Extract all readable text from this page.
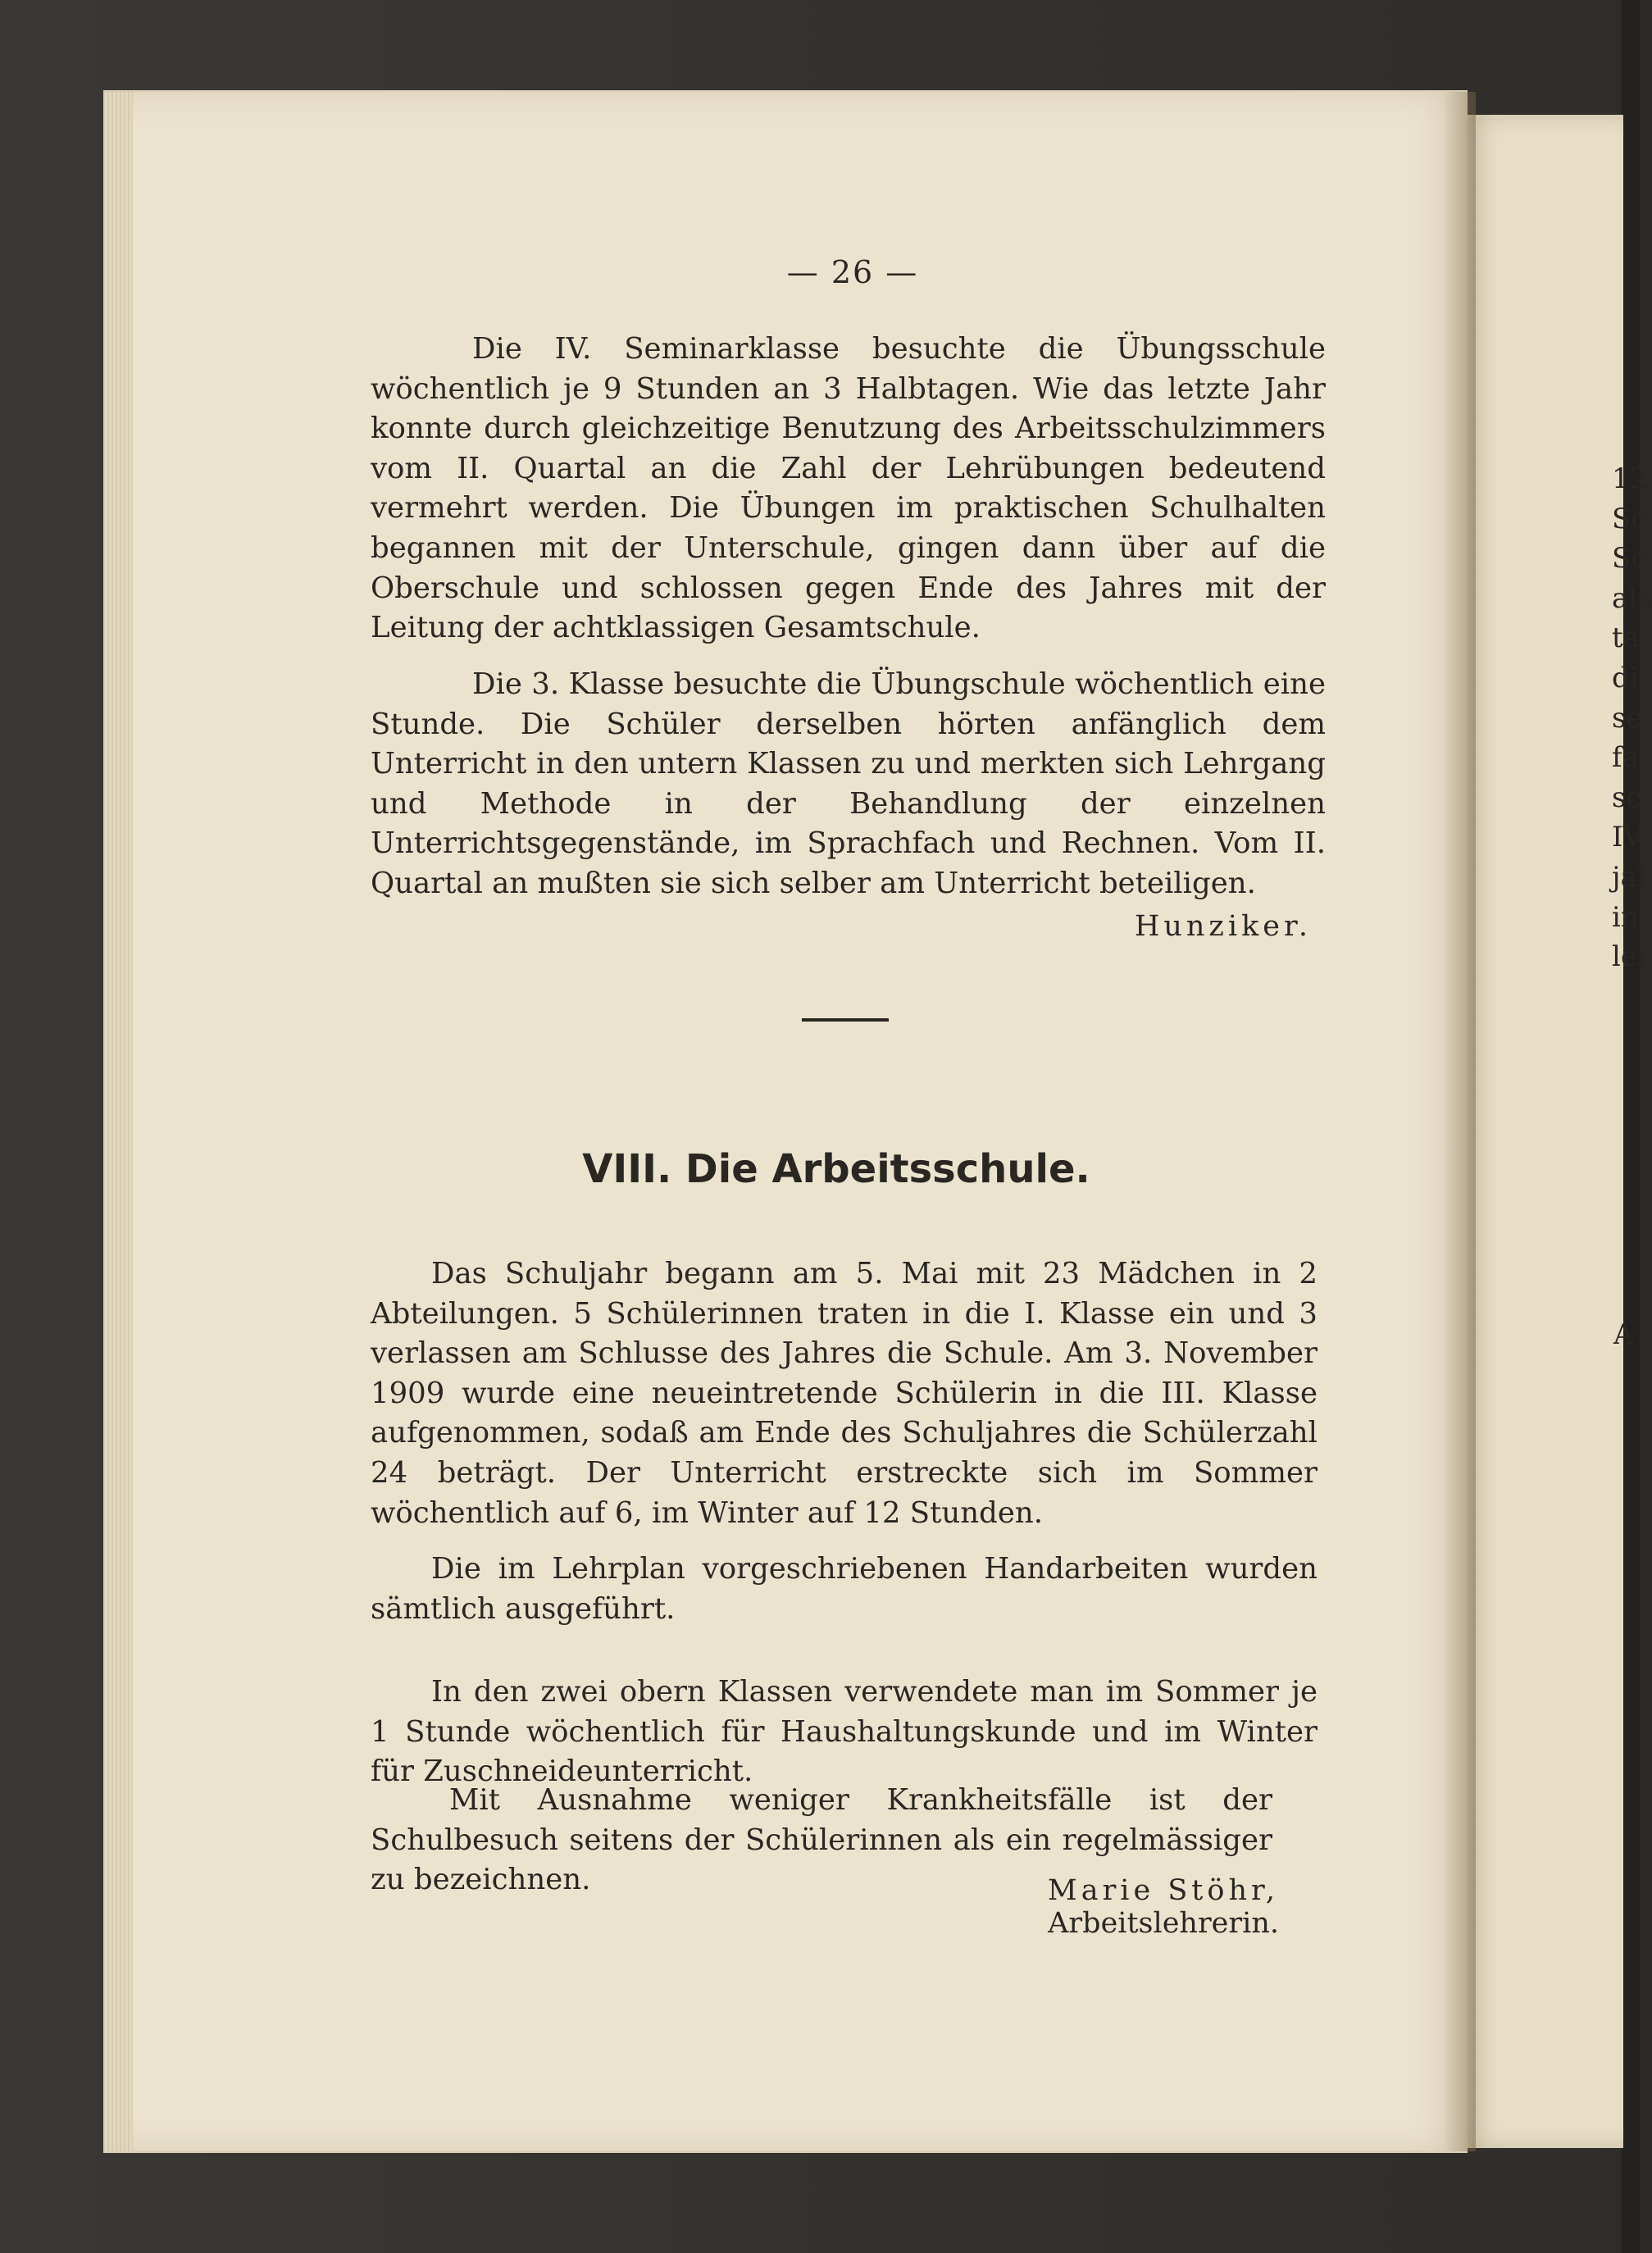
— 26 —

Die IV. Seminarklasse besuchte die Übungsschule wöchentlich je 9 Stunden an 3 Halbtagen. Wie das letzte Jahr konnte durch gleichzeitige Benutzung des Arbeitsschulzimmers vom II. Quartal an die Zahl der Lehrübungen bedeutend vermehrt werden. Die Übungen im praktischen Schulhalten begannen mit der Unterschule, gingen dann über auf die Oberschule und schlossen gegen Ende des Jahres mit der Leitung der achtklassigen Gesamtschule.

Die 3. Klasse besuchte die Übungschule wöchentlich eine Stunde. Die Schüler derselben hörten anfänglich dem Unterricht in den untern Klassen zu und merkten sich Lehrgang und Methode in der Behandlung der einzelnen Unterrichtsgegenstände, im Sprachfach und Rechnen. Vom II. Quartal an mußten sie sich selber am Unterricht beteiligen.

Hunziker.

VIII. Die Arbeitsschule.

Das Schuljahr begann am 5. Mai mit 23 Mädchen in 2 Abteilungen. 5 Schülerinnen traten in die I. Klasse ein und 3 verlassen am Schlusse des Jahres die Schule. Am 3. November 1909 wurde eine neueintretende Schülerin in die III. Klasse aufgenommen, sodaß am Ende des Schuljahres die Schülerzahl 24 beträgt. Der Unterricht erstreckte sich im Sommer wöchentlich auf 6, im Winter auf 12 Stunden.

Die im Lehrplan vorgeschriebenen Handarbeiten wurden sämtlich ausgeführt.

In den zwei obern Klassen verwendete man im Sommer je 1 Stunde wöchentlich für Haushaltungskunde und im Winter für Zuschneideunterricht.

Mit Ausnahme weniger Krankheitsfälle ist der Schulbesuch seitens der Schülerinnen als ein regelmässiger zu bezeichnen.	Marie Stöhr, Arbeitslehrerin.

12
Sc
Sc
als
ta
di
se
fa
sc
IV
jal
in
lei
A
